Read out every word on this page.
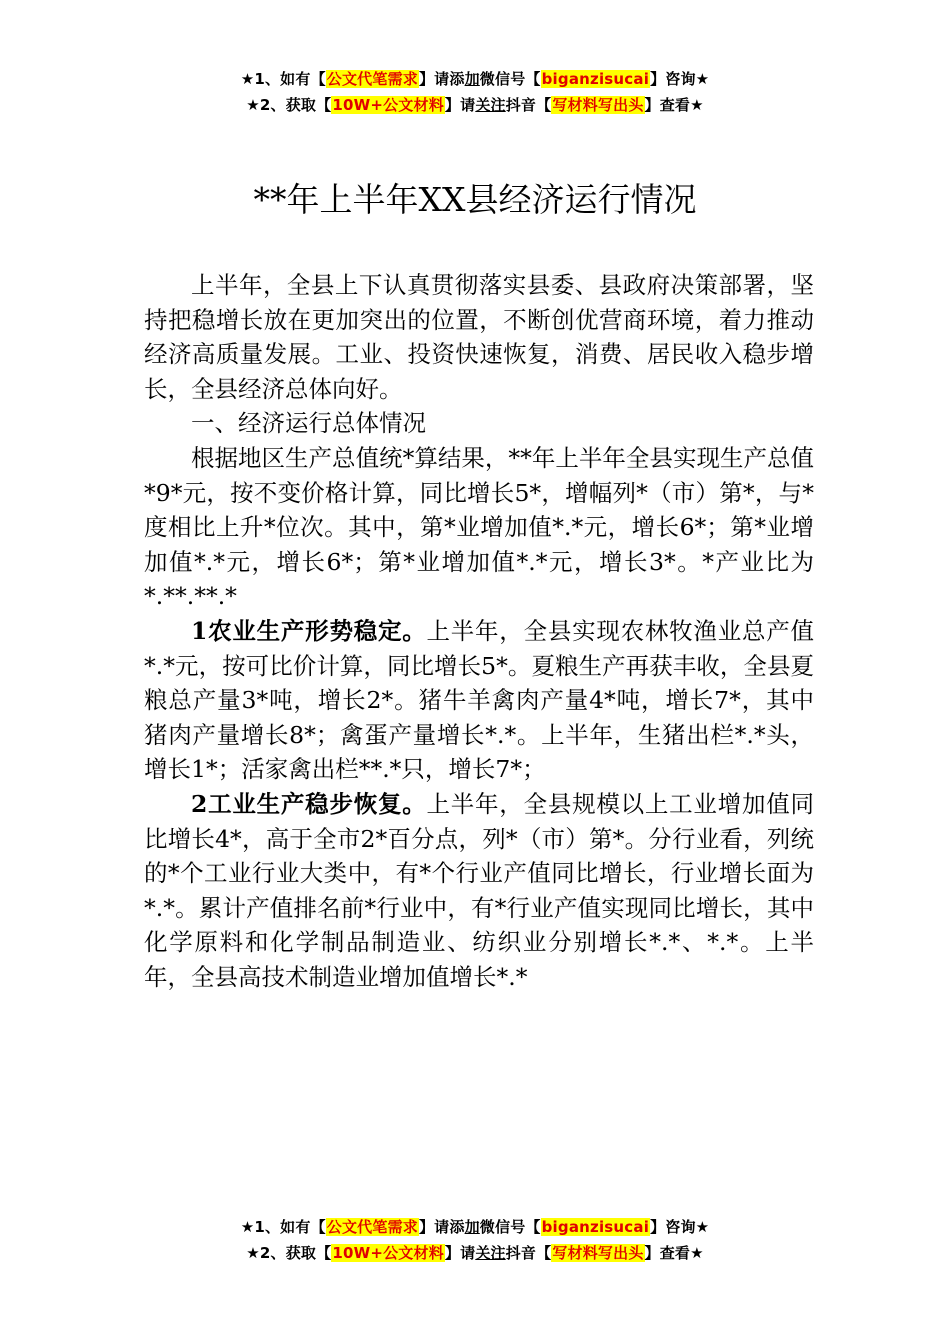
★1、如有【公文代笔需求】请添加微信号【biganzisucai】咨询★
★2、获取【10W+公文材料】请关注抖音【写材料写出头】查看★
**年上半年XX县经济运行情况

上半年，全县上下认真贯彻落实县委、县政府决策部署，坚持把稳增长放在更加突出的位置，不断创优营商环境，着力推动经济高质量发展。工业、投资快速恢复，消费、居民收入稳步增长，全县经济总体向好。

一、经济运行总体情况

根据地区生产总值统*算结果，**年上半年全县实现生产总值*9*元，按不变价格计算，同比增长5*，增幅列*（市）第*，与*度相比上升*位次。其中，第*业增加值*.*元，增长6*；第*业增加值*.*元，增长6*；第*业增加值*.*元，增长3*。*产业比为*.**.**.*

1农业生产形势稳定。上半年，全县实现农林牧渔业总产值*.*元，按可比价计算，同比增长5*。夏粮生产再获丰收，全县夏粮总产量3*吨，增长2*。猪牛羊禽肉产量4*吨，增长7*，其中猪肉产量增长8*；禽蛋产量增长*.*。上半年，生猪出栏*.*头，增长1*；活家禽出栏**.*只，增长7*；

2工业生产稳步恢复。上半年，全县规模以上工业增加值同比增长4*，高于全市2*百分点，列*（市）第*。分行业看，列统的*个工业行业大类中，有*个行业产值同比增长，行业增长面为*.*。累计产值排名前*行业中，有*行业产值实现同比增长，其中化学原料和化学制品制造业、纺织业分别增长*.*、*.*。上半年，全县高技术制造业增加值增长*.*

★1、如有【公文代笔需求】请添加微信号【biganzisucai】咨询★
★2、获取【10W+公文材料】请关注抖音【写材料写出头】查看★
